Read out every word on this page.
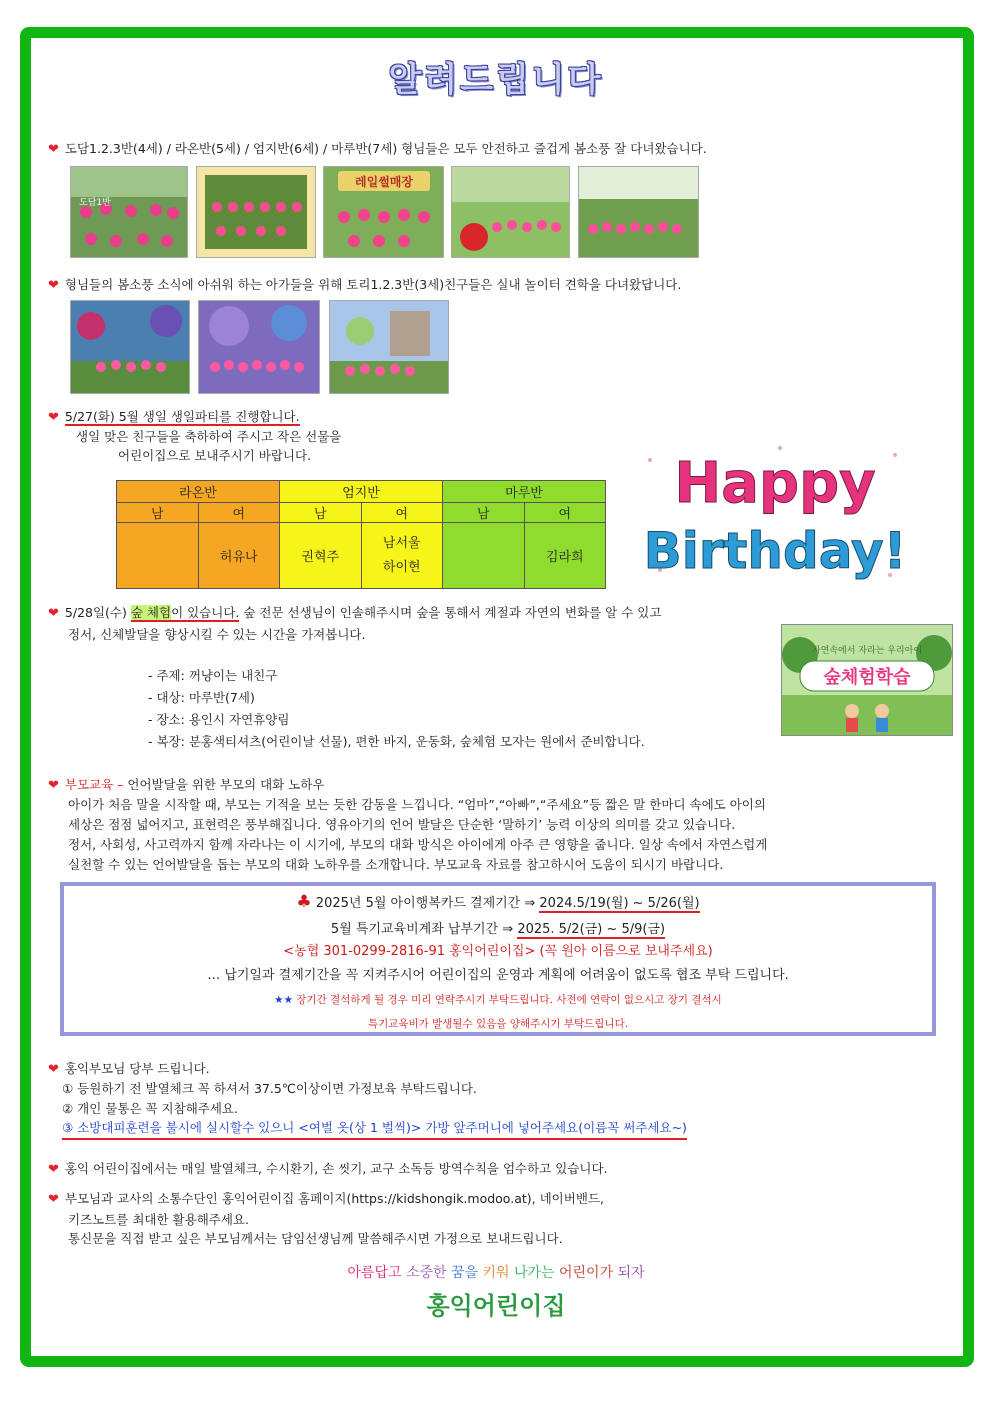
알려드립니다
❤ 도담1.2.3반(4세) / 라온반(5세) / 엄지반(6세) / 마루반(7세) 형님들은 모두 안전하고 즐겁게 봄소풍 잘 다녀왔습니다.
도담1반
레일썰매장
❤ 형님들의 봄소풍 소식에 아쉬워 하는 아가들을 위해 토리1.2.3반(3세)친구들은 실내 놀이터 견학을 다녀왔답니다.
❤ 5/27(화) 5월 생일 생일파티를 진행합니다.
생일 맞은 친구들을 축하하여 주시고 작은 선물을
어린이집으로 보내주시기 바랍니다.
라온반		엄지반		마루반	
남	여	남	여	남	여
	허유나	권혁주	남서울
하이현		김라희
Happy
Birthday!
❤ 5/28일(수) 숲 체험이 있습니다. 숲 전문 선생님이 인솔해주시며 숲을 통해서 계절과 자연의 변화를 알 수 있고
정서, 신체발달을 향상시킬 수 있는 시간을 가져봅니다.
자연속에서 자라는 우리아이
숲체험학습
- 주제: 꺼냥이는 내친구
- 대상: 마루반(7세)
- 장소: 용인시 자연휴양림
- 복장: 분홍색티셔츠(어린이날 선물), 편한 바지, 운동화, 숲체험 모자는 원에서 준비합니다.
❤ 부모교육 – 언어발달을 위한 부모의 대화 노하우
아이가 처음 말을 시작할 때, 부모는 기적을 보는 듯한 감동을 느낍니다. “엄마”,“아빠”,“주세요”등 짧은 말 한마디 속에도 아이의
세상은 점점 넓어지고, 표현력은 풍부해집니다. 영유아기의 언어 발달은 단순한 ‘말하기’ 능력 이상의 의미를 갖고 있습니다.
정서, 사회성, 사고력까지 함께 자라나는 이 시기에, 부모의 대화 방식은 아이에게 아주 큰 영향을 줍니다. 일상 속에서 자연스럽게
실천할 수 있는 언어발달을 돕는 부모의 대화 노하우를 소개합니다. 부모교육 자료를 참고하시어 도움이 되시기 바랍니다.
♣ 2025년 5월 아이행복카드 결제기간 ⇒ 2024.5/19(월) ~ 5/26(월)
5월 특기교육비계좌 납부기간 ⇒ 2025. 5/2(금) ~ 5/9(금)
<농협 301-0299-2816-91 홍익어린이집> (꼭 원아 이름으로 보내주세요)
… 납기일과 결제기간을 꼭 지켜주시어 어린이집의 운영과 계획에 어려움이 없도록 협조 부탁 드립니다.
★★ 장기간 결석하게 될 경우 미리 연락주시기 부탁드립니다. 사전에 연락이 없으시고 장기 결석시
특기교육비가 발생될수 있음을 양해주시기 부탁드립니다.
❤ 홍익부모님 당부 드립니다.
① 등원하기 전 발열체크 꼭 하셔서 37.5℃이상이면 가정보육 부탁드립니다.
② 개인 물통은 꼭 지참해주세요.
③ 소방대피훈련을 불시에 실시할수 있으니 <여벌 옷(상 1 벌씩)> 가방 앞주머니에 넣어주세요(이름꼭 써주세요~)
❤ 홍익 어린이집에서는 매일 발열체크, 수시환기, 손 씻기, 교구 소독등 방역수칙을 엄수하고 있습니다.
❤ 부모님과 교사의 소통수단인 홍익어린이집 홈페이지(https://kidshongik.modoo.at), 네이버밴드,
키즈노트를 최대한 활용해주세요.
통신문을 직접 받고 싶은 부모님께서는 담임선생님께 말씀해주시면 가정으로 보내드립니다.
아름답고 소중한 꿈을 키워 나가는 어린이가 되자
홍익어린이집
